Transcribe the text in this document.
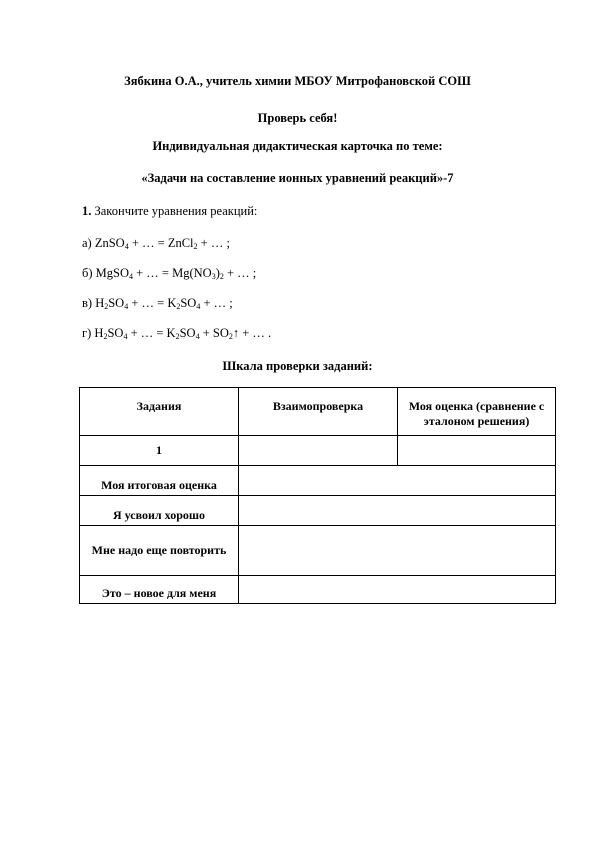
Зябкина О.А., учитель химии МБОУ Митрофановской СОШ
Проверь себя!
Индивидуальная дидактическая карточка по теме:
«Задачи на составление ионных уравнений реакций»-7
1. Закончите уравнения реакций:
а) ZnSO$_4$ + … = ZnCl$_2$ + … ;
б) MgSO$_4$ + … = $Mg(NO_3)_2$ + … ;
в) $H_2SO_4$ + … = $K_2SO_4$ + … ;
г) $H_2SO_4$ + … = $K_2SO_4$ + $SO_2↑$ + … .
Шкала проверки заданий:
Задания	Взаимопроверка	Моя оценка (сравнение с эталоном решения)
1		
Моя итоговая оценка		
Я усвоил хорошо		
Мне надо еще повторить		
Это – новое для меня		
